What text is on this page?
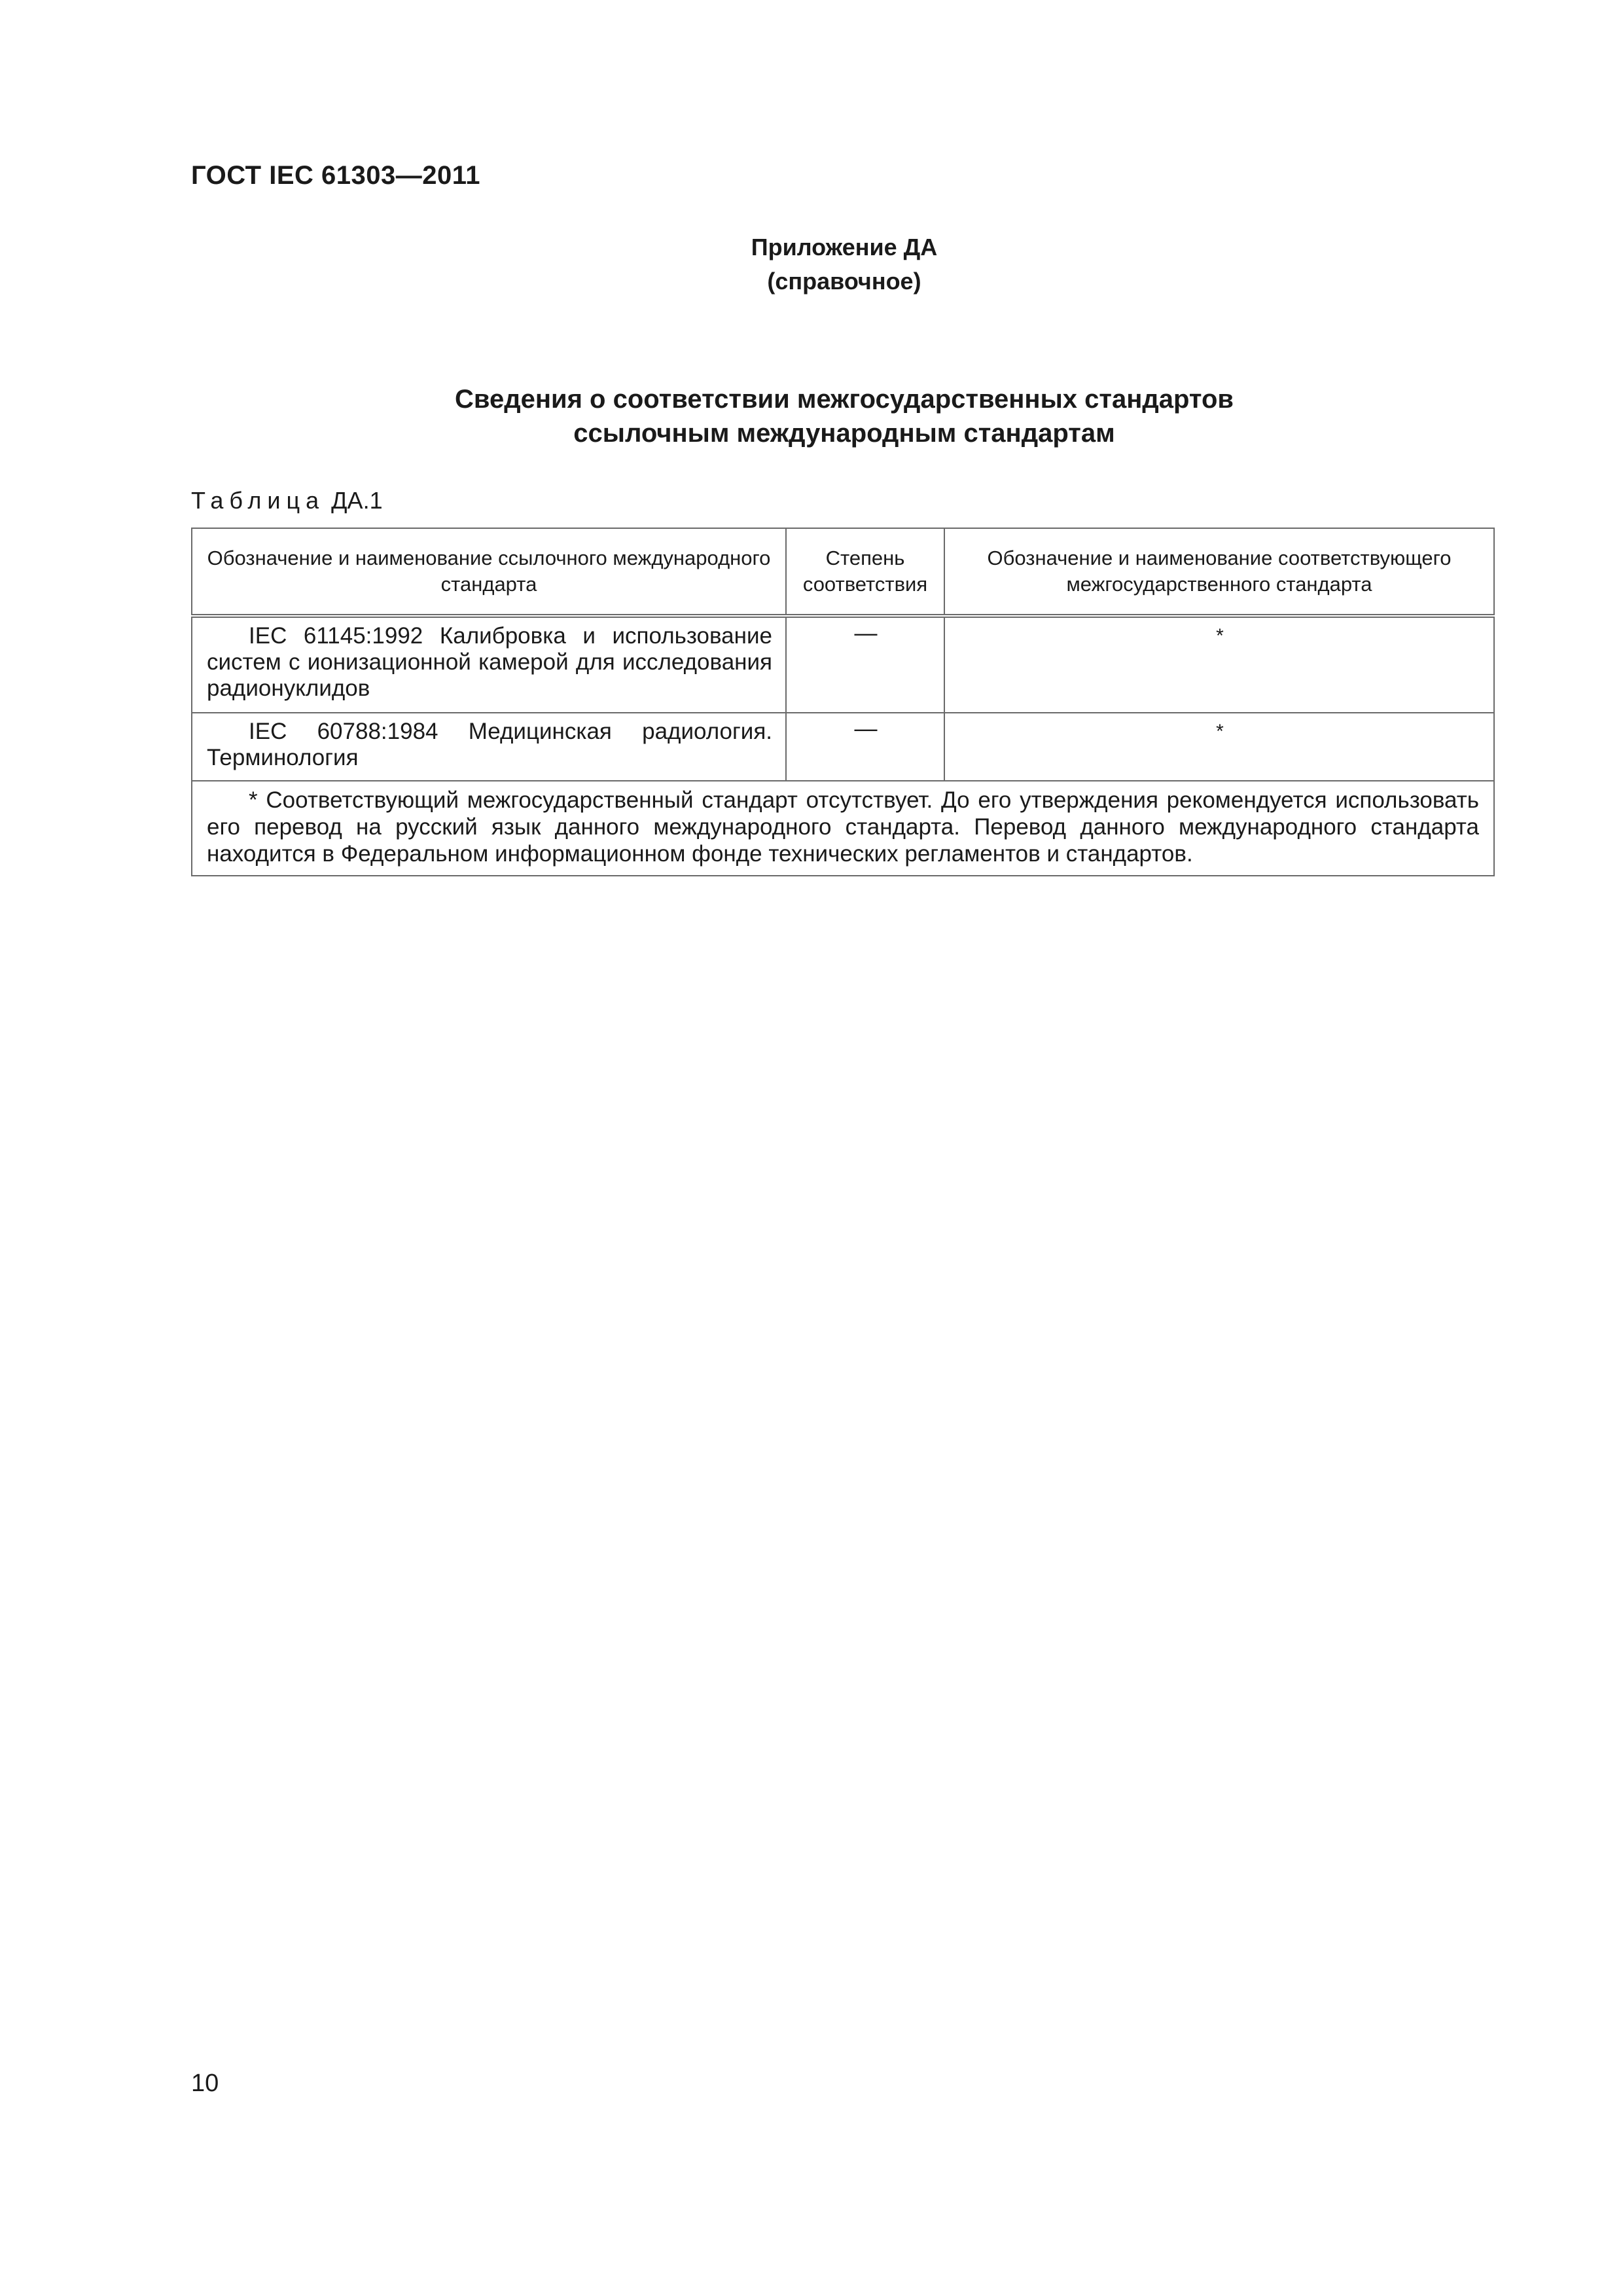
ГОСТ IEC 61303—2011
Приложение ДА
(справочное)
Сведения о соответствии межгосударственных стандартов
ссылочным международным стандартам
Таблица ДА.1
Обозначение и наименование ссылочного международного стандарта	Степень соответствия	Обозначение и наименование соответствующего межгосударственного стандарта
IEC 61145:1992 Калибровка и использование систем с ионизационной камерой для исследования радионуклидов	—	*
IEC 60788:1984 Медицинская радиология. Терминология	—	*
* Соответствующий межгосударственный стандарт отсутствует. До его утверждения рекомендуется использовать его перевод на русский язык данного международного стандарта. Перевод данного международного стандарта находится в Федеральном информационном фонде технических регламентов и стандартов.		
10
